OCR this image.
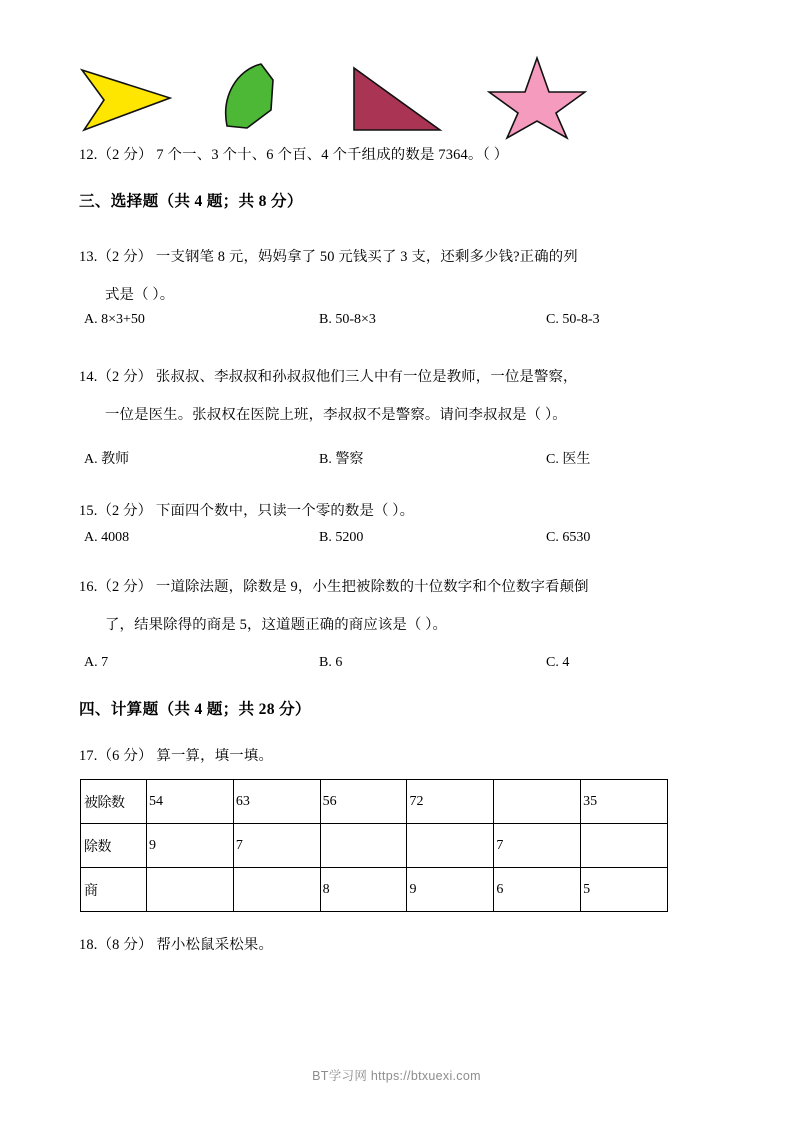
12.（2 分） 7 个一、3 个十、6 个百、4 个千组成的数是 7364。（ ）
三、选择题（共 4 题；共 8 分）
13.（2 分） 一支钢笔 8 元，妈妈拿了 50 元钱买了 3 支，还剩多少钱?正确的列
式是（ ）。
A. 8×3+50	B. 50-8×3	C. 50-8-3
14.（2 分） 张叔叔、李叔叔和孙叔叔他们三人中有一位是教师，一位是警察，
一位是医生。张叔权在医院上班，李叔叔不是警察。请问李叔叔是（ ）。
A. 教师	B. 警察	C. 医生
15.（2 分） 下面四个数中，只读一个零的数是（ ）。
A. 4008	B. 5200	C. 6530
16.（2 分） 一道除法题，除数是 9，小生把被除数的十位数字和个位数字看颠倒
了，结果除得的商是 5，这道题正确的商应该是（ ）。
A. 7	B. 6	C. 4
四、计算题（共 4 题；共 28 分）
17.（6 分） 算一算，填一填。
被除数	54	63	56	72		35
除数	9	7			7	
商			8	9	6	5
18.（8 分） 帮小松鼠采松果。
BT学习网 https://btxuexi.com
